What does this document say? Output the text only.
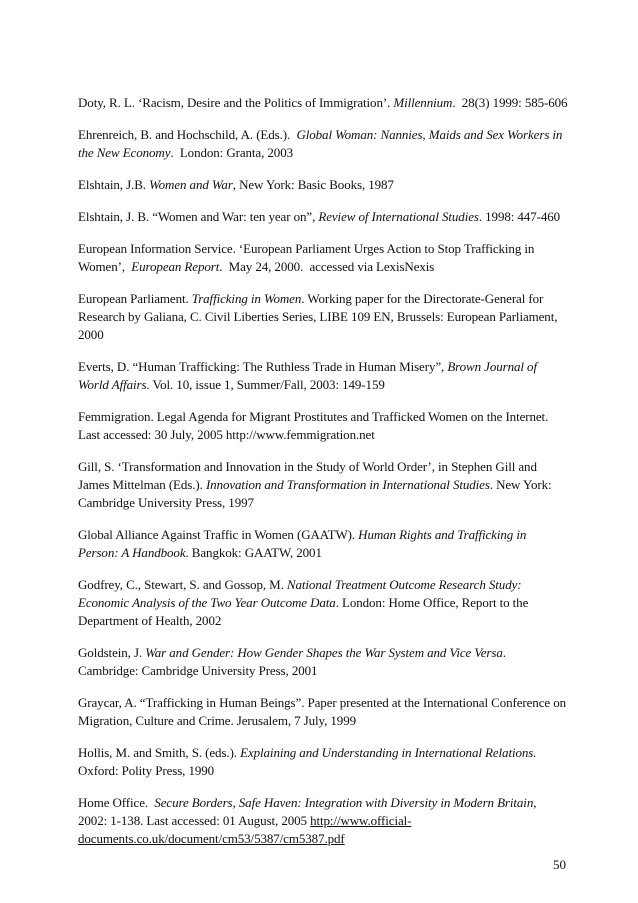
Doty, R. L. ‘Racism, Desire and the Politics of Immigration’. Millennium.  28(3) 1999: 585-606

Ehrenreich, B. and Hochschild, A. (Eds.).  Global Woman: Nannies, Maids and Sex Workers in the New Economy.  London: Granta, 2003

Elshtain, J.B. Women and War, New York: Basic Books, 1987

Elshtain, J. B. “Women and War: ten year on”, Review of International Studies. 1998: 447-460

European Information Service. ‘European Parliament Urges Action to Stop Trafficking in Women’,  European Report.  May 24, 2000.  accessed via LexisNexis

European Parliament. Trafficking in Women. Working paper for the Directorate-General for Research by Galiana, C. Civil Liberties Series, LIBE 109 EN, Brussels: European Parliament, 2000

Everts, D. “Human Trafficking: The Ruthless Trade in Human Misery”, Brown Journal of World Affairs. Vol. 10, issue 1, Summer/Fall, 2003: 149-159

Femmigration. Legal Agenda for Migrant Prostitutes and Trafficked Women on the Internet. Last accessed: 30 July, 2005 http://www.femmigration.net

Gill, S. ‘Transformation and Innovation in the Study of World Order’, in Stephen Gill and James Mittelman (Eds.). Innovation and Transformation in International Studies. New York: Cambridge University Press, 1997

Global Alliance Against Traffic in Women (GAATW). Human Rights and Trafficking in Person: A Handbook. Bangkok: GAATW, 2001

Godfrey, C., Stewart, S. and Gossop, M. National Treatment Outcome Research Study: Economic Analysis of the Two Year Outcome Data. London: Home Office, Report to the Department of Health, 2002

Goldstein, J. War and Gender: How Gender Shapes the War System and Vice Versa. Cambridge: Cambridge University Press, 2001

Graycar, A. “Trafficking in Human Beings”. Paper presented at the International Conference on Migration, Culture and Crime. Jerusalem, 7 July, 1999

Hollis, M. and Smith, S. (eds.). Explaining and Understanding in International Relations. Oxford: Polity Press, 1990

Home Office.  Secure Borders, Safe Haven: Integration with Diversity in Modern Britain, 2002: 1-138. Last accessed: 01 August, 2005 http://www.official-documents.co.uk/document/cm53/5387/cm5387.pdf

50
